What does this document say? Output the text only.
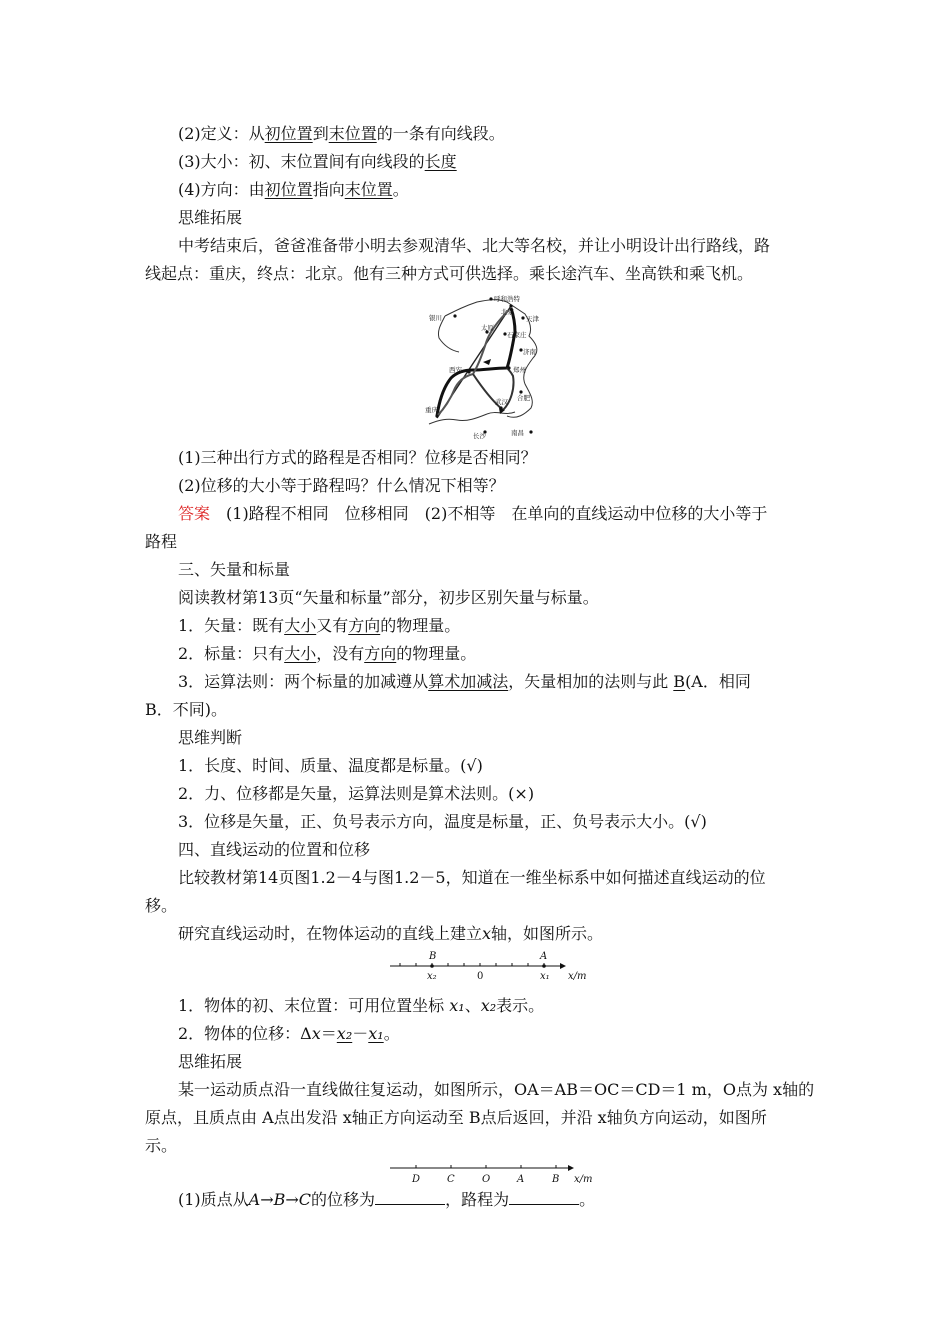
(2)定义：从初位置到末位置的一条有向线段。
(3)大小：初、末位置间有向线段的长度
(4)方向：由初位置指向末位置。
思维拓展
中考结束后，爸爸准备带小明去参观清华、北大等名校，并让小明设计出行路线，路
线起点：重庆，终点：北京。他有三种方式可供选择。乘长途汽车、坐高铁和乘飞机。
呼和浩特
北京
天津
太原
石家庄
济南
银川
西安	郑州
合肥
重庆
武汉
长沙	南昌
(1)三种出行方式的路程是否相同？位移是否相同？
(2)位移的大小等于路程吗？什么情况下相等？
答案　(1)路程不相同　位移相同　(2)不相等　在单向的直线运动中位移的大小等于
路程
三、矢量和标量
阅读教材第13页“矢量和标量”部分，初步区别矢量与标量。
1．矢量：既有大小又有方向的物理量。
2．标量：只有大小，没有方向的物理量。
3．运算法则：两个标量的加减遵从算术加减法，矢量相加的法则与此 B(A．相同
B．不同)。
思维判断
1．长度、时间、质量、温度都是标量。(√)
2．力、位移都是矢量，运算法则是算术法则。(×)
3．位移是矢量，正、负号表示方向，温度是标量，正、负号表示大小。(√)
四、直线运动的位置和位移
比较教材第14页图1.2－4与图1.2－5，知道在一维坐标系中如何描述直线运动的位
移。
研究直线运动时，在物体运动的直线上建立x轴，如图所示。
B	A
x₂	x₁ x/m
0
1．物体的初、末位置：可用位置坐标 x₁、x₂表示。
2．物体的位移：Δx＝x₂－x₁。
思维拓展
某一运动质点沿一直线做往复运动，如图所示，OA＝AB＝OC＝CD＝1 m，O点为 x轴的
原点，且质点由 A点出发沿 x轴正方向运动至 B点后返回，并沿 x轴负方向运动，如图所
示。
D	C	O	A	B x/m
(1)质点从A→B→C的位移为	，路程为	。
